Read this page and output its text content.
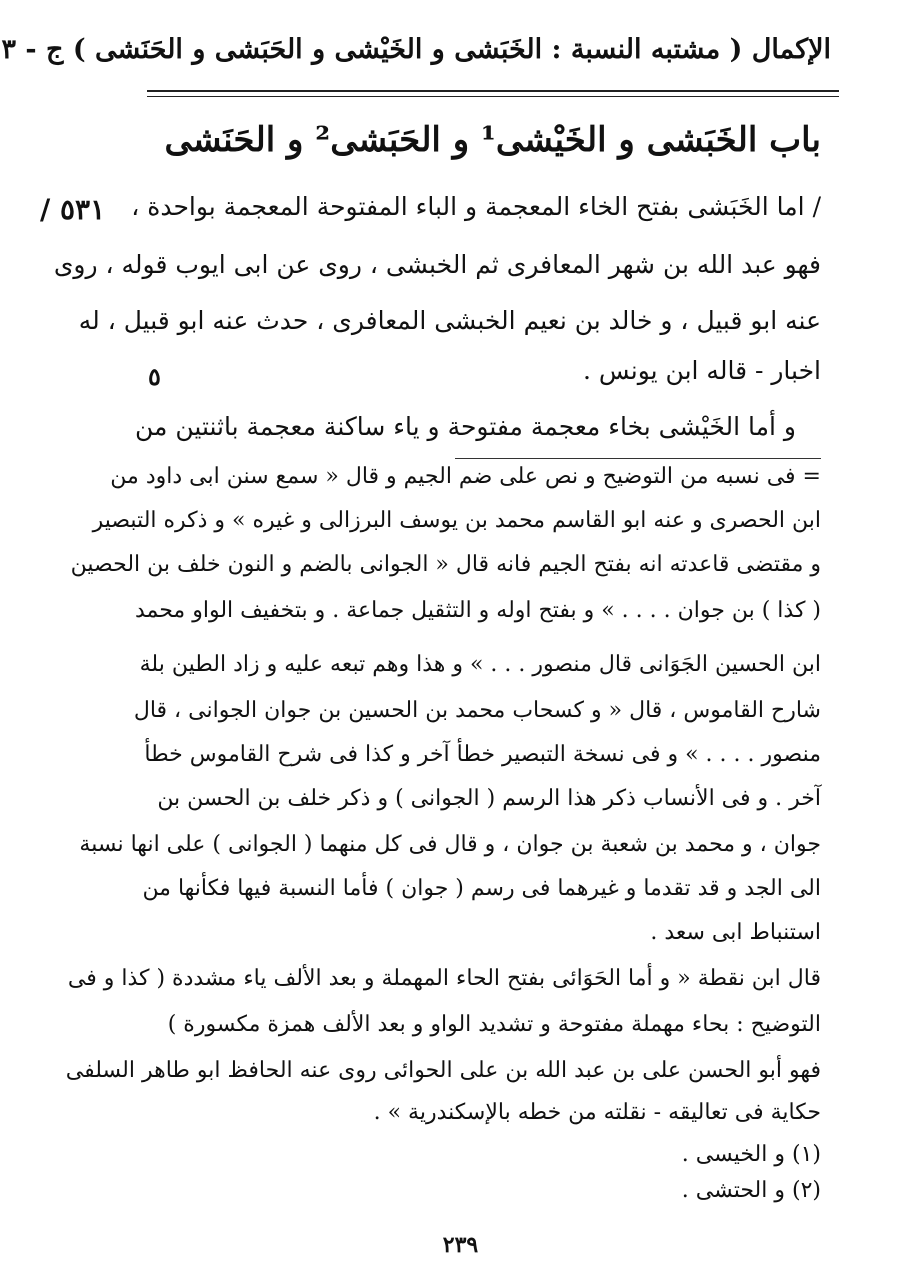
الإكمال ( مشتبه النسبة : الخَبَشى و الخَيْشى و الحَبَشى و الحَنَشى ) ج - ٣
باب الخَبَشى و الخَيْشى¹ و الحَبَشى² و الحَنَشى
/ ٥٣١
٥
/ اما الخَبَشى بفتح الخاء المعجمة و الباء المفتوحة المعجمة بواحدة ،
فهو عبد الله بن شهر المعافرى ثم الخبشى ، روى عن ابى ايوب قوله ، روى
عنه ابو قبيل ، و خالد بن نعيم الخبشى المعافرى ، حدث عنه ابو قبيل ، له
اخبار - قاله ابن يونس .
و أما الخَيْشى بخاء معجمة مفتوحة و ياء ساكنة معجمة باثنتين من
= فى نسبه من التوضيح و نص على ضم الجيم و قال « سمع سنن ابى داود من
ابن الحصرى و عنه ابو القاسم محمد بن يوسف البرزالى و غيره » و ذكره التبصير
و مقتضى قاعدته انه بفتح الجيم فانه قال « الجوانى بالضم و النون خلف بن الحصين
( كذا ) بن جوان . . . . » و بفتح اوله و التثقيل جماعة . و بتخفيف الواو محمد
ابن الحسين الجَوَانى قال منصور . . . » و هذا وهم تبعه عليه و زاد الطين بلة
شارح القاموس ، قال « و كسحاب محمد بن الحسين بن جوان الجوانى ، قال
منصور . . . . » و فى نسخة التبصير خطأ آخر و كذا فى شرح القاموس خطأ
آخر . و فى الأنساب ذكر هذا الرسم ( الجوانى ) و ذكر خلف بن الحسن بن
جوان ، و محمد بن شعبة بن جوان ، و قال فى كل منهما ( الجوانى ) على انها نسبة
الى الجد و قد تقدما و غيرهما فى رسم ( جوان ) فأما النسبة فيها فكأنها من
استنباط ابى سعد .
قال ابن نقطة « و أما الحَوَائى بفتح الحاء المهملة و بعد الألف ياء مشددة ( كذا و فى
التوضيح : بحاء مهملة مفتوحة و تشديد الواو و بعد الألف همزة مكسورة )
فهو أبو الحسن على بن عبد الله بن على الحوائى روى عنه الحافظ ابو طاهر السلفى
حكاية فى تعاليقه - نقلته من خطه بالإسكندرية » .
(١) و الخيسى .
(٢) و الحتشى .
٢٣٩
